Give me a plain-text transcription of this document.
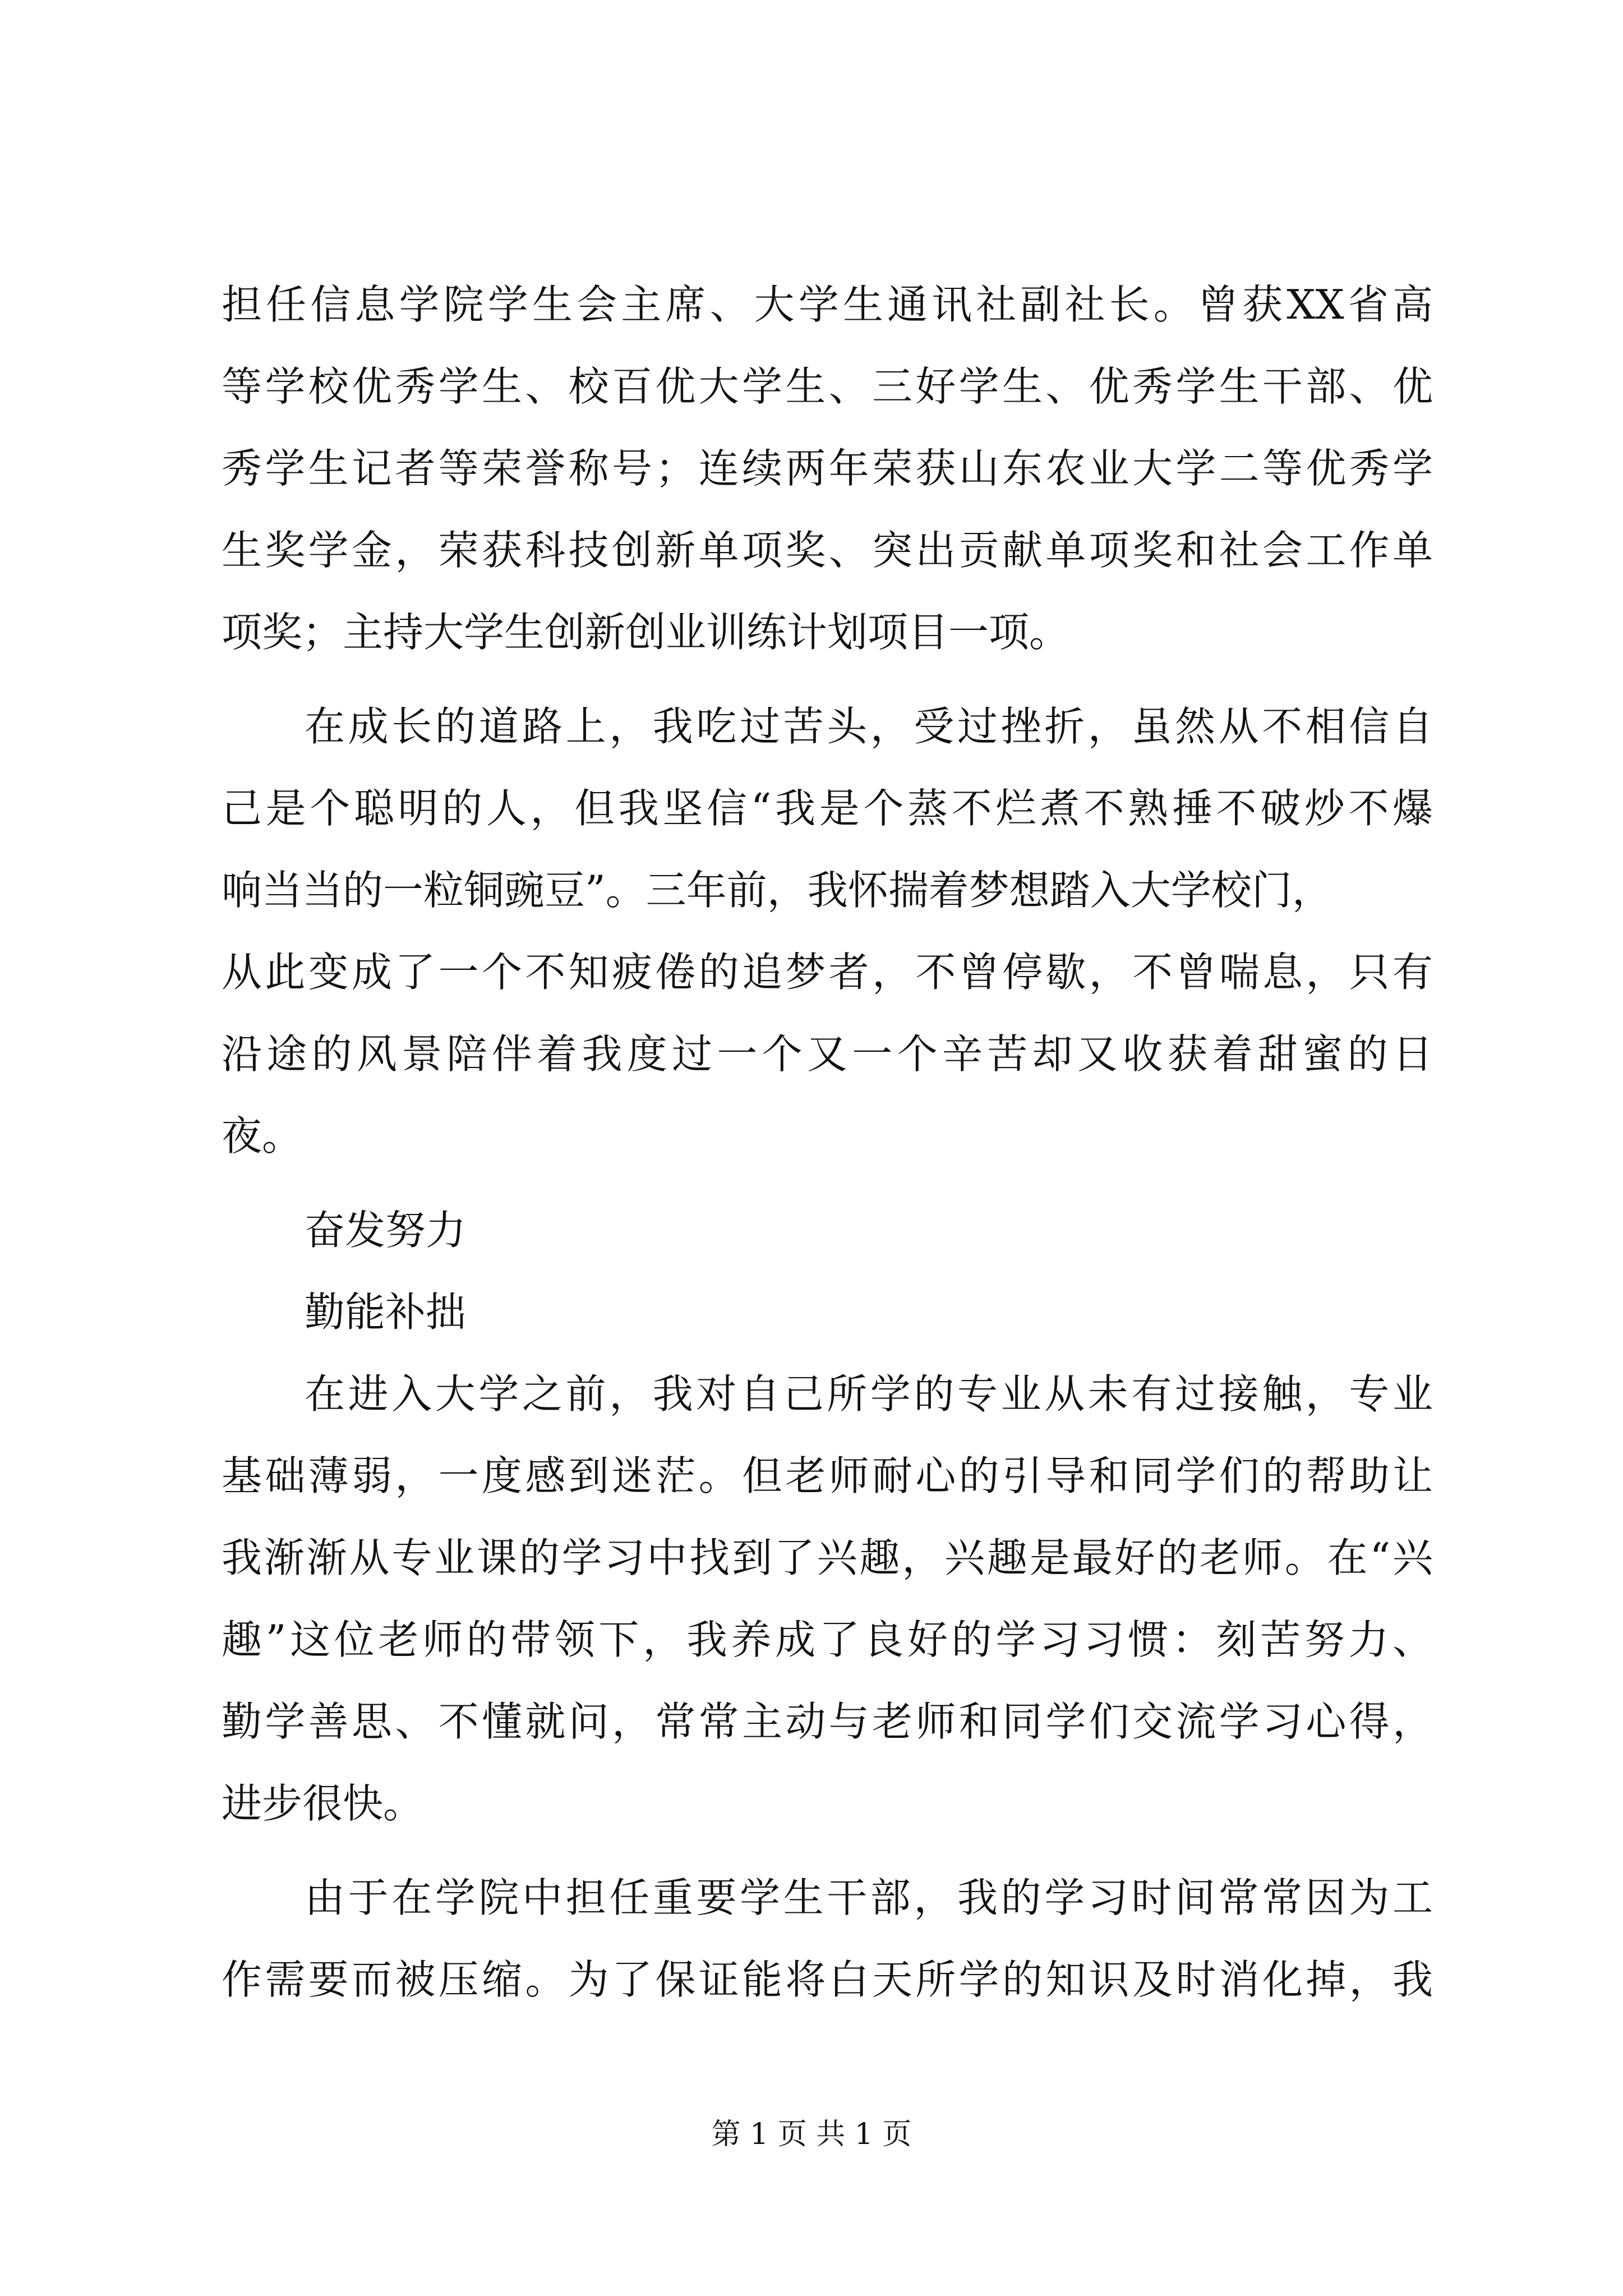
担任信息学院学生会主席、大学生通讯社副社长。曾获XX省高
等学校优秀学生、校百优大学生、三好学生、优秀学生干部、优
秀学生记者等荣誉称号；连续两年荣获山东农业大学二等优秀学
生奖学金，荣获科技创新单项奖、突出贡献单项奖和社会工作单
项奖；主持大学生创新创业训练计划项目一项。
在成长的道路上，我吃过苦头，受过挫折，虽然从不相信自
己是个聪明的人，但我坚信“我是个蒸不烂煮不熟捶不破炒不爆
响当当的一粒铜豌豆”。三年前，我怀揣着梦想踏入大学校门，
从此变成了一个不知疲倦的追梦者，不曾停歇，不曾喘息，只有
沿途的风景陪伴着我度过一个又一个辛苦却又收获着甜蜜的日
夜。
奋发努力
勤能补拙
在进入大学之前，我对自己所学的专业从未有过接触，专业
基础薄弱，一度感到迷茫。但老师耐心的引导和同学们的帮助让
我渐渐从专业课的学习中找到了兴趣，兴趣是最好的老师。在“兴
趣”这位老师的带领下，我养成了良好的学习习惯：刻苦努力、
勤学善思、不懂就问，常常主动与老师和同学们交流学习心得，
进步很快。
由于在学院中担任重要学生干部，我的学习时间常常因为工
作需要而被压缩。为了保证能将白天所学的知识及时消化掉，我
第 1 页 共 1 页
